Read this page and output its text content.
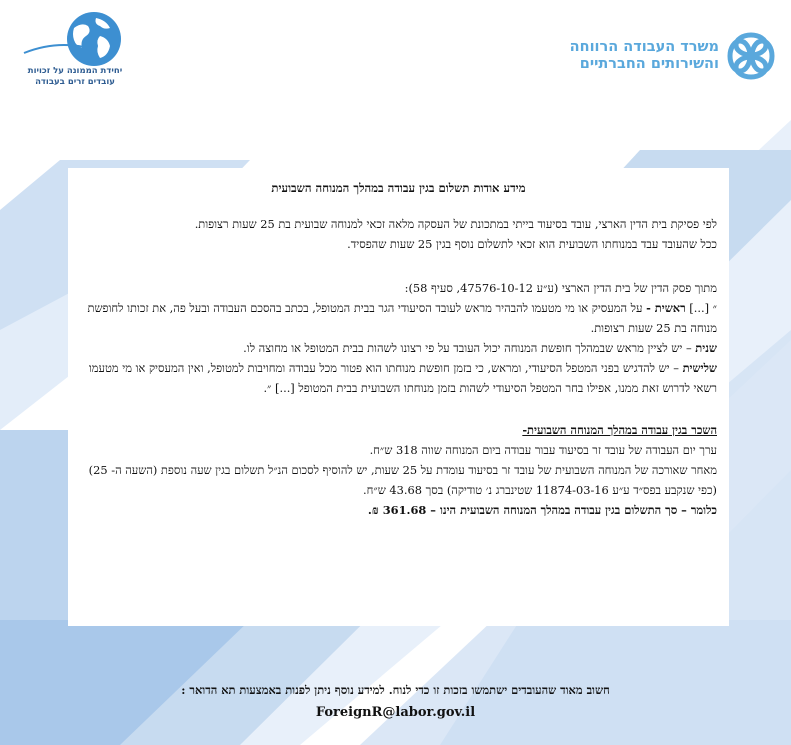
יחידת הממונה על זכויות
עובדים זרים בעבודה
משרד העבודה הרווחה
והשירותים החברתיים

מידע אודות תשלום בגין עבודה במהלך המנוחה השבועית

לפי פסיקת בית הדין הארצי, עובד בסיעוד בייתי במתכונת של העסקה מלאה זכאי למנוחה שבועית בת 25 שעות רצופות.

ככל שהעובד עבד במנוחתו השבועית הוא זכאי לתשלום נוסף בגין 25 שעות שהפסיד.

מתוך פסק הדין של בית הדין הארצי (ע״ע 47576-10-12, סעיף 58):

״ [...] ראשית - על המעסיק או מי מטעמו להבהיר מראש לעובד הסיעודי הגר בבית המטופל, בכתב בהסכם העבודה ובעל פה, את זכותו לחופשת מנוחה בת 25 שעות רצופות.

שנית – יש לציין מראש שבמהלך חופשת המנוחה יכול העובד על פי רצונו לשהות בבית המטופל או מחוצה לו.

שלישית – יש להדגיש בפני המטפל הסיעודי, ומראש, כי בזמן חופשת מנוחתו הוא פטור מכל עבודה ומחויבות למטופל, ואין המעסיק או מי מטעמו רשאי לדרוש זאת ממנו, אפילו בחר המטפל הסיעודי לשהות בזמן מנוחתו השבועית בבית המטופל [...] ״.

השכר בגין עבודה במהלך המנוחה השבועית-

ערך יום העבודה של עובד זר בסיעוד עבור עבודה ביום המנוחה שווה 318 ש״ח.

מאחר שאורכה של המנוחה השבועית של עובד זר בסיעוד עומדת על 25 שעות, יש להוסיף לסכום הנ״ל תשלום בגין שעה נוספת (השעה ה- 25) (כפי שנקבע בפס״ד ע״ע 11874-03-16 שטינברג נ׳ טודיקה) בסך 43.68 ש״ח.

כלומר – סך התשלום בגין עבודה במהלך המנוחה השבועית הינו – 361.68 ₪.

חשוב מאוד שהעובדים ישתמשו בזכות זו כדי לנוח. למידע נוסף ניתן לפנות באמצעות תא הדואר :
ForeignR@labor.gov.il
